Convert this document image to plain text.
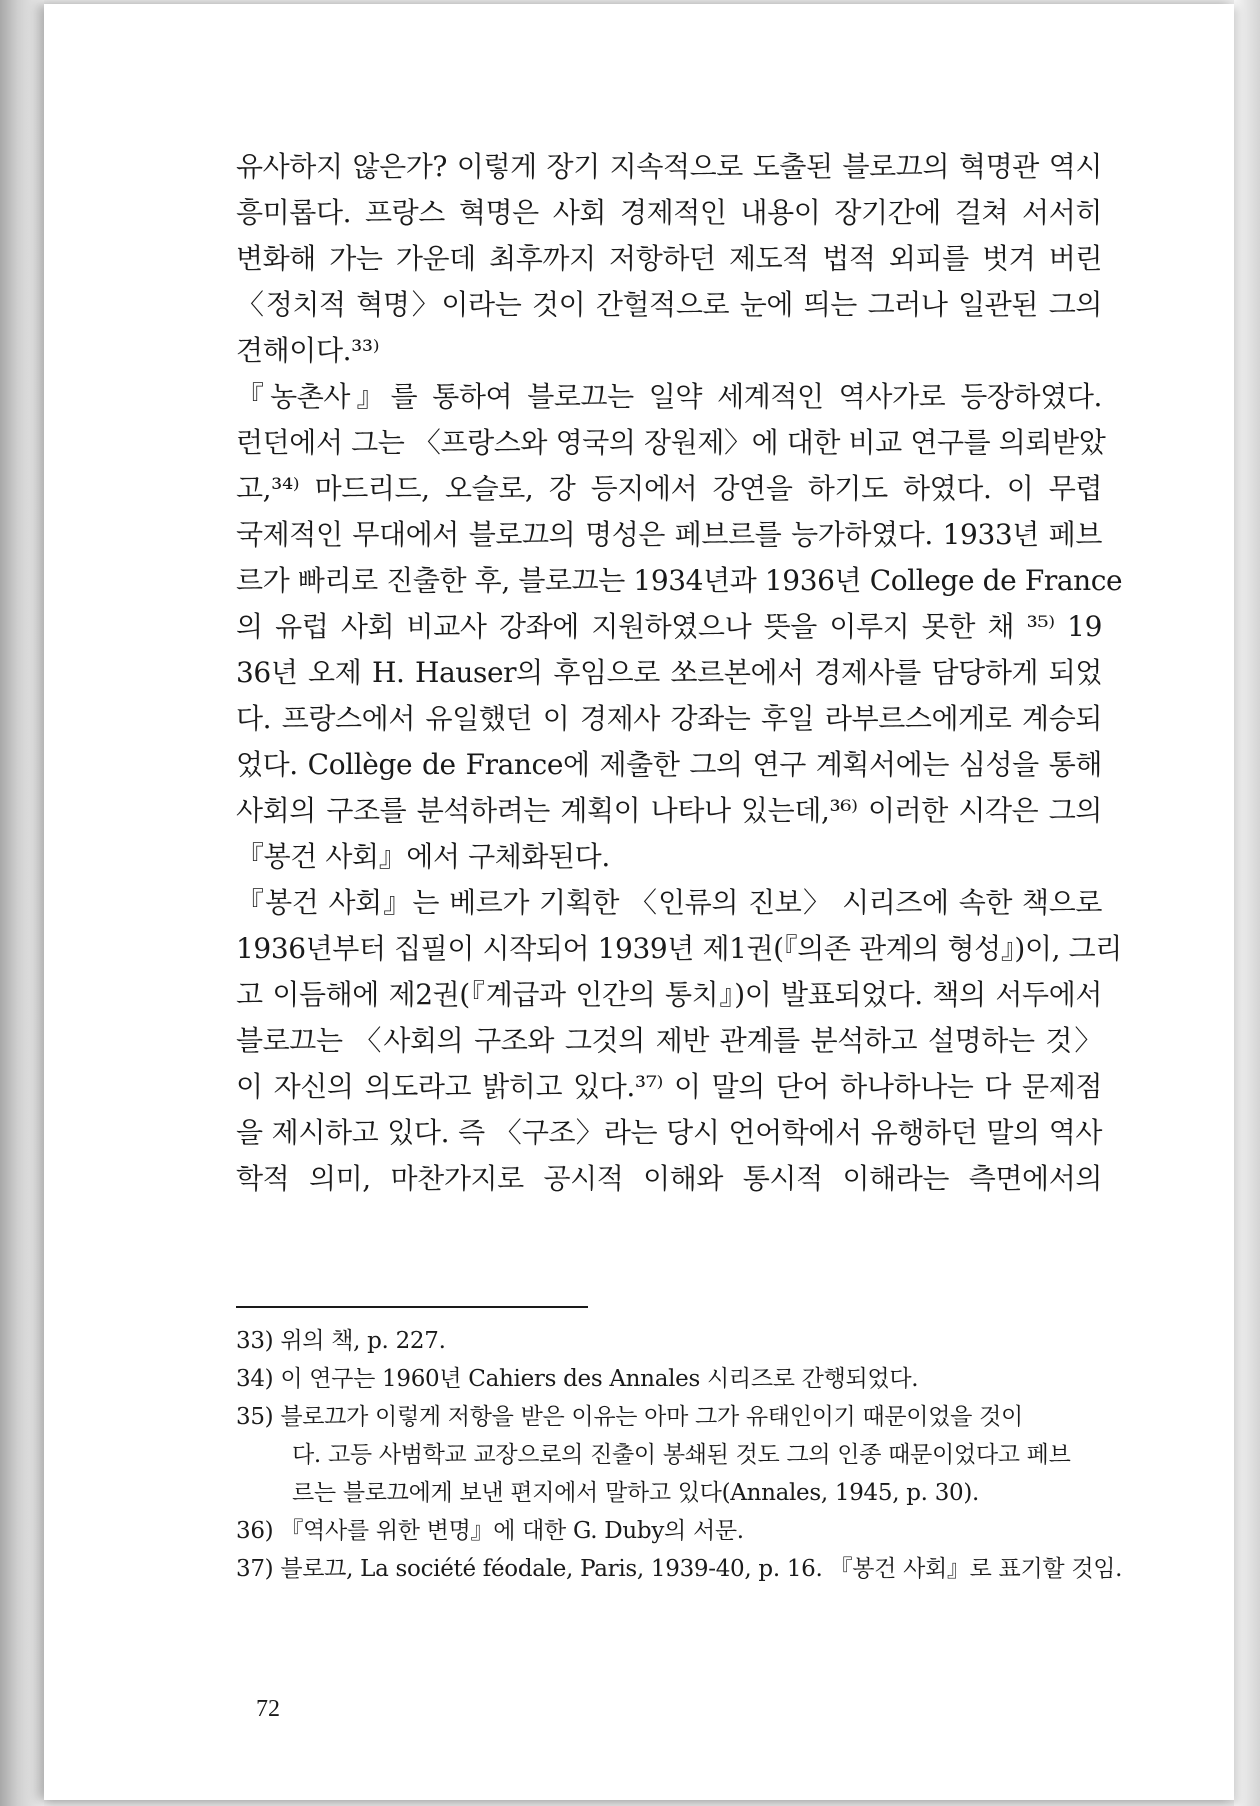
유사하지 않은가? 이렇게 장기 지속적으로 도출된 블로끄의 혁명관 역시
흥미롭다. 프랑스 혁명은 사회 경제적인 내용이 장기간에 걸쳐 서서히
변화해 가는 가운데 최후까지 저항하던 제도적 법적 외피를 벗겨 버린
〈정치적 혁명〉이라는 것이 간헐적으로 눈에 띄는 그러나 일관된 그의
견해이다.³³⁾
『농촌사』를 통하여 블로끄는 일약 세계적인 역사가로 등장하였다.
런던에서 그는 〈프랑스와 영국의 장원제〉에 대한 비교 연구를 의뢰받았
고,³⁴⁾ 마드리드, 오슬로, 강 등지에서 강연을 하기도 하였다. 이 무렵
국제적인 무대에서 블로끄의 명성은 페브르를 능가하였다. 1933년 페브
르가 빠리로 진출한 후, 블로끄는 1934년과 1936년 College de France
의 유럽 사회 비교사 강좌에 지원하였으나 뜻을 이루지 못한 채 ³⁵⁾ 19
36년 오제 H. Hauser의 후임으로 쏘르본에서 경제사를 담당하게 되었
다. 프랑스에서 유일했던 이 경제사 강좌는 후일 라부르스에게로 계승되
었다. Collège de France에 제출한 그의 연구 계획서에는 심성을 통해
사회의 구조를 분석하려는 계획이 나타나 있는데,³⁶⁾ 이러한 시각은 그의
『봉건 사회』에서 구체화된다.
『봉건 사회』는 베르가 기획한 〈인류의 진보〉 시리즈에 속한 책으로
1936년부터 집필이 시작되어 1939년 제1권(『의존 관계의 형성』)이, 그리
고 이듬해에 제2권(『계급과 인간의 통치』)이 발표되었다. 책의 서두에서
블로끄는 〈사회의 구조와 그것의 제반 관계를 분석하고 설명하는 것〉
이 자신의 의도라고 밝히고 있다.³⁷⁾ 이 말의 단어 하나하나는 다 문제점
을 제시하고 있다. 즉 〈구조〉라는 당시 언어학에서 유행하던 말의 역사
학적 의미, 마찬가지로 공시적 이해와 통시적 이해라는 측면에서의
33) 위의 책, p. 227.
34) 이 연구는 1960년 Cahiers des Annales 시리즈로 간행되었다.
35) 블로끄가 이렇게 저항을 받은 이유는 아마 그가 유태인이기 때문이었을 것이
다. 고등 사범학교 교장으로의 진출이 봉쇄된 것도 그의 인종 때문이었다고 페브
르는 블로끄에게 보낸 편지에서 말하고 있다(Annales, 1945, p. 30).
36) 『역사를 위한 변명』에 대한 G. Duby의 서문.
37) 블로끄, La société féodale, Paris, 1939-40, p. 16. 『봉건 사회』로 표기할 것임.
72
